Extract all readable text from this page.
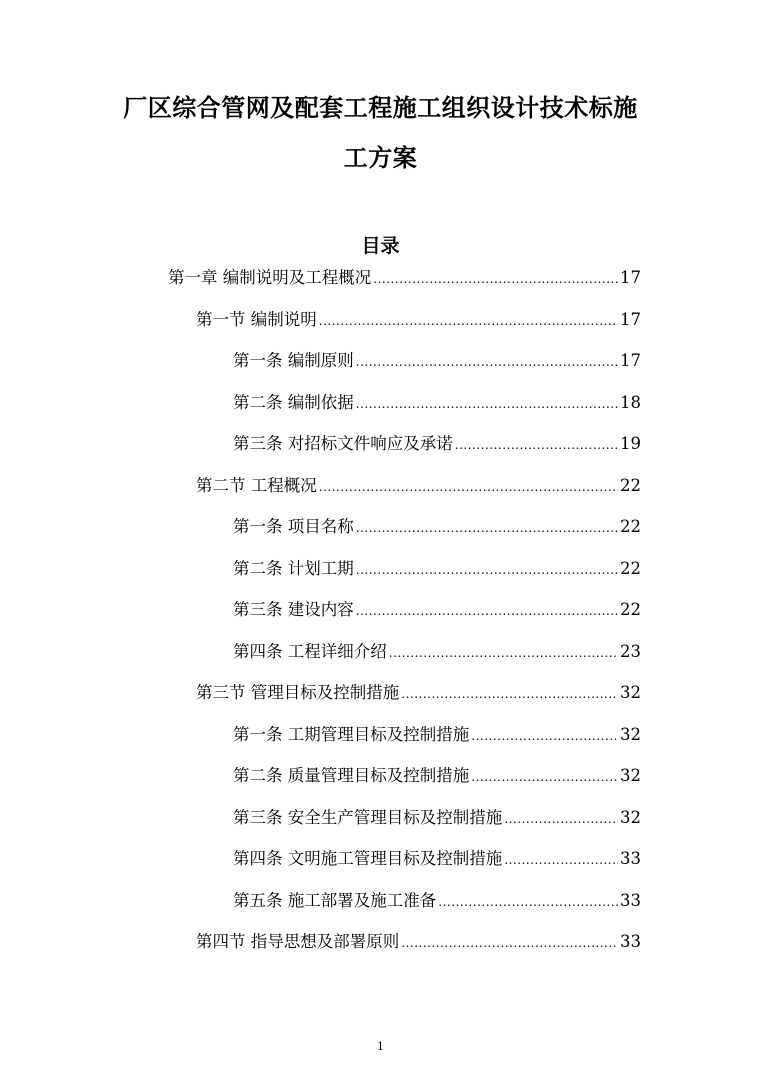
厂区综合管网及配套工程施工组织设计技术标施
工方案
目录
第一章 编制说明及工程概况 .....	17
第一节 编制说明 .....	17
第一条 编制原则 .....	17
第二条 编制依据 .....	18
第三条 对招标文件响应及承诺 .....	19
第二节 工程概况 .....	22
第一条 项目名称 .....	22
第二条 计划工期 .....	22
第三条 建设内容 .....	22
第四条 工程详细介绍 .....	23
第三节 管理目标及控制措施 .....	32
第一条 工期管理目标及控制措施 .....	32
第二条 质量管理目标及控制措施 .....	32
第三条 安全生产管理目标及控制措施 .....	32
第四条 文明施工管理目标及控制措施 .....	33
第五条 施工部署及施工准备 .....	33
第四节 指导思想及部署原则 .....	33
1
